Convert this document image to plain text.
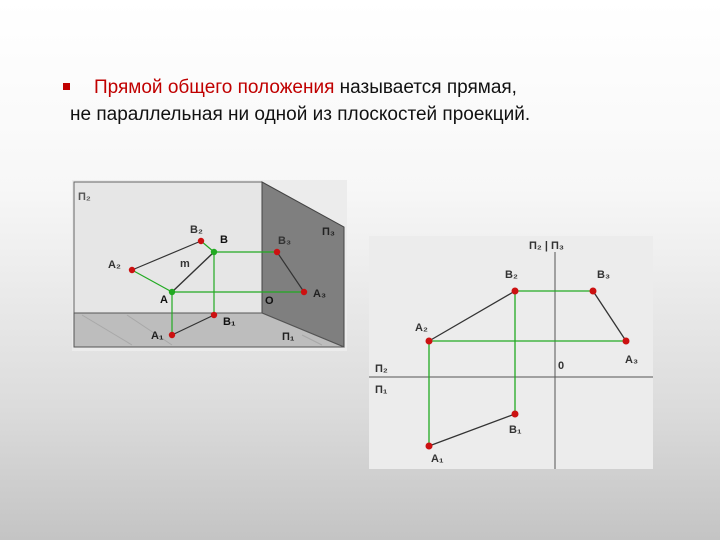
Прямой общего положения называется прямая,
не параллельная ни одной из плоскостей проекций.
П₂
П₃
П₁
B₂
B	B₃
A₂	m
A	O
A₃
B₁
A₁
П₂ | П₃
B₂	B₃
A₂
A₃
0
П₂
П₁
B₁
A₁
